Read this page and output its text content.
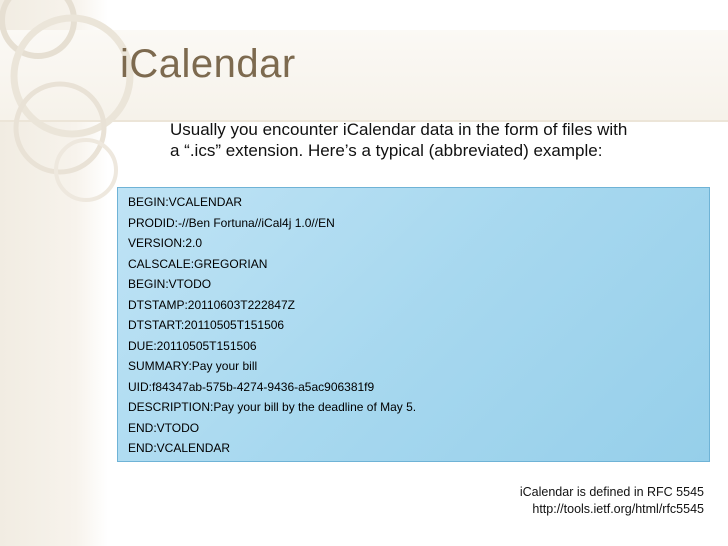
iCalendar
Usually you encounter iCalendar data in the form of files with a “.ics” extension. Here’s a typical (abbreviated) example:
BEGIN:VCALENDAR
PRODID:-//Ben Fortuna//iCal4j 1.0//EN
VERSION:2.0
CALSCALE:GREGORIAN
BEGIN:VTODO
DTSTAMP:20110603T222847Z
DTSTART:20110505T151506
DUE:20110505T151506
SUMMARY:Pay your bill
UID:f84347ab-575b-4274-9436-a5ac906381f9
DESCRIPTION:Pay your bill by the deadline of May 5.
END:VTODO
END:VCALENDAR
iCalendar is defined in RFC 5545
http://tools.ietf.org/html/rfc5545
